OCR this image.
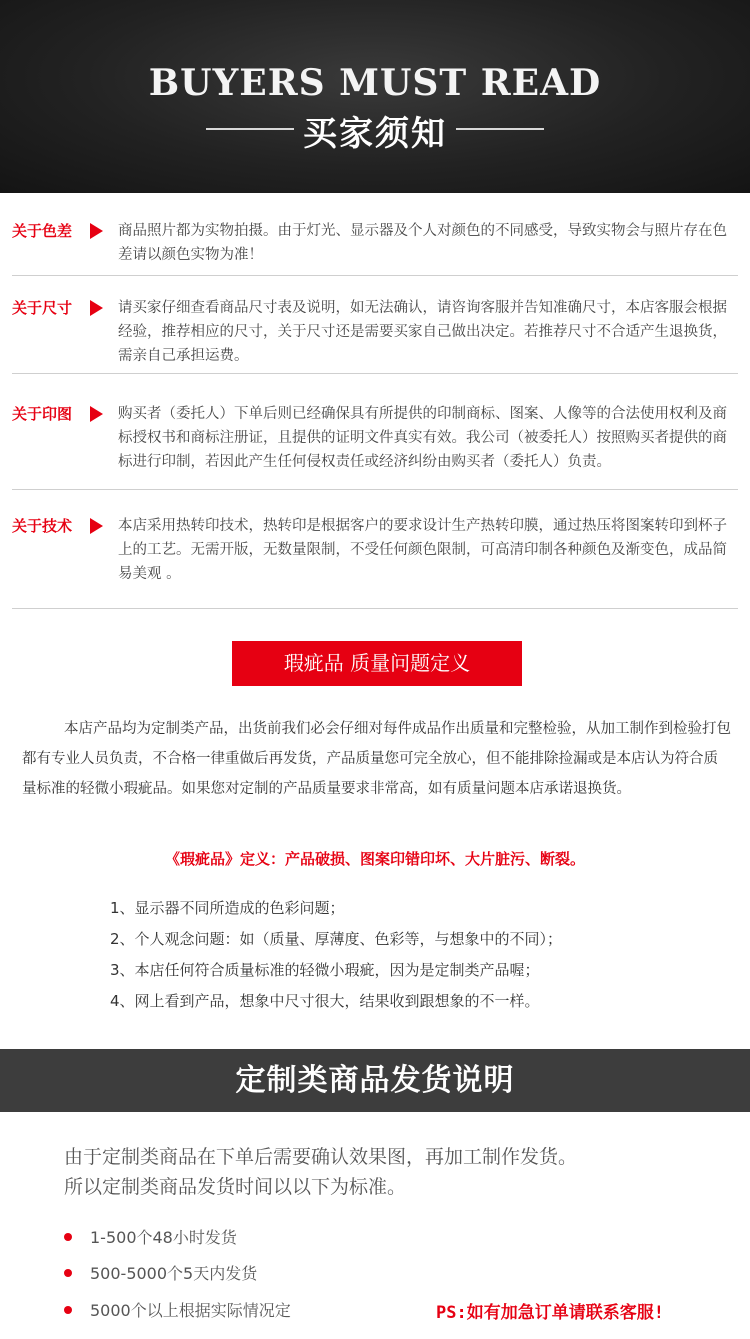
BUYERS MUST READ
买家须知
关于色差	商品照片都为实物拍摄。由于灯光、显示器及个人对颜色的不同感受，导致实物会与照片存在色差请以颜色实物为准！
关于尺寸	请买家仔细查看商品尺寸表及说明，如无法确认，请咨询客服并告知准确尺寸，本店客服会根据经验，推荐相应的尺寸，关于尺寸还是需要买家自己做出决定。若推荐尺寸不合适产生退换货，需亲自己承担运费。
关于印图	购买者（委托人）下单后则已经确保具有所提供的印制商标、图案、人像等的合法使用权利及商标授权书和商标注册证，且提供的证明文件真实有效。我公司（被委托人）按照购买者提供的商标进行印制，若因此产生任何侵权责任或经济纠纷由购买者（委托人）负责。
关于技术	本店采用热转印技术，热转印是根据客户的要求设计生产热转印膜，通过热压将图案转印到杯子上的工艺。无需开版，无数量限制，不受任何颜色限制，可高清印制各种颜色及渐变色，成品简易美观 。
瑕疵品 质量问题定义
本店产品均为定制类产品，出货前我们必会仔细对每件成品作出质量和完整检验，从加工制作到检验打包都有专业人员负责，不合格一律重做后再发货，产品质量您可完全放心，但不能排除捡漏或是本店认为符合质量标准的轻微小瑕疵品。如果您对定制的产品质量要求非常高，如有质量问题本店承诺退换货。
《瑕疵品》定义：产品破损、图案印错印坏、大片脏污、断裂。
1、显示器不同所造成的色彩问题；
2、个人观念问题：如（质量、厚薄度、色彩等，与想象中的不同）；
3、本店任何符合质量标准的轻微小瑕疵，因为是定制类产品喔；
4、网上看到产品，想象中尺寸很大，结果收到跟想象的不一样。
定制类商品发货说明
由于定制类商品在下单后需要确认效果图，再加工制作发货。
所以定制类商品发货时间以以下为标准。
1-500个48小时发货
500-5000个5天内发货
5000个以上根据实际情况定	PS:如有加急订单请联系客服!
